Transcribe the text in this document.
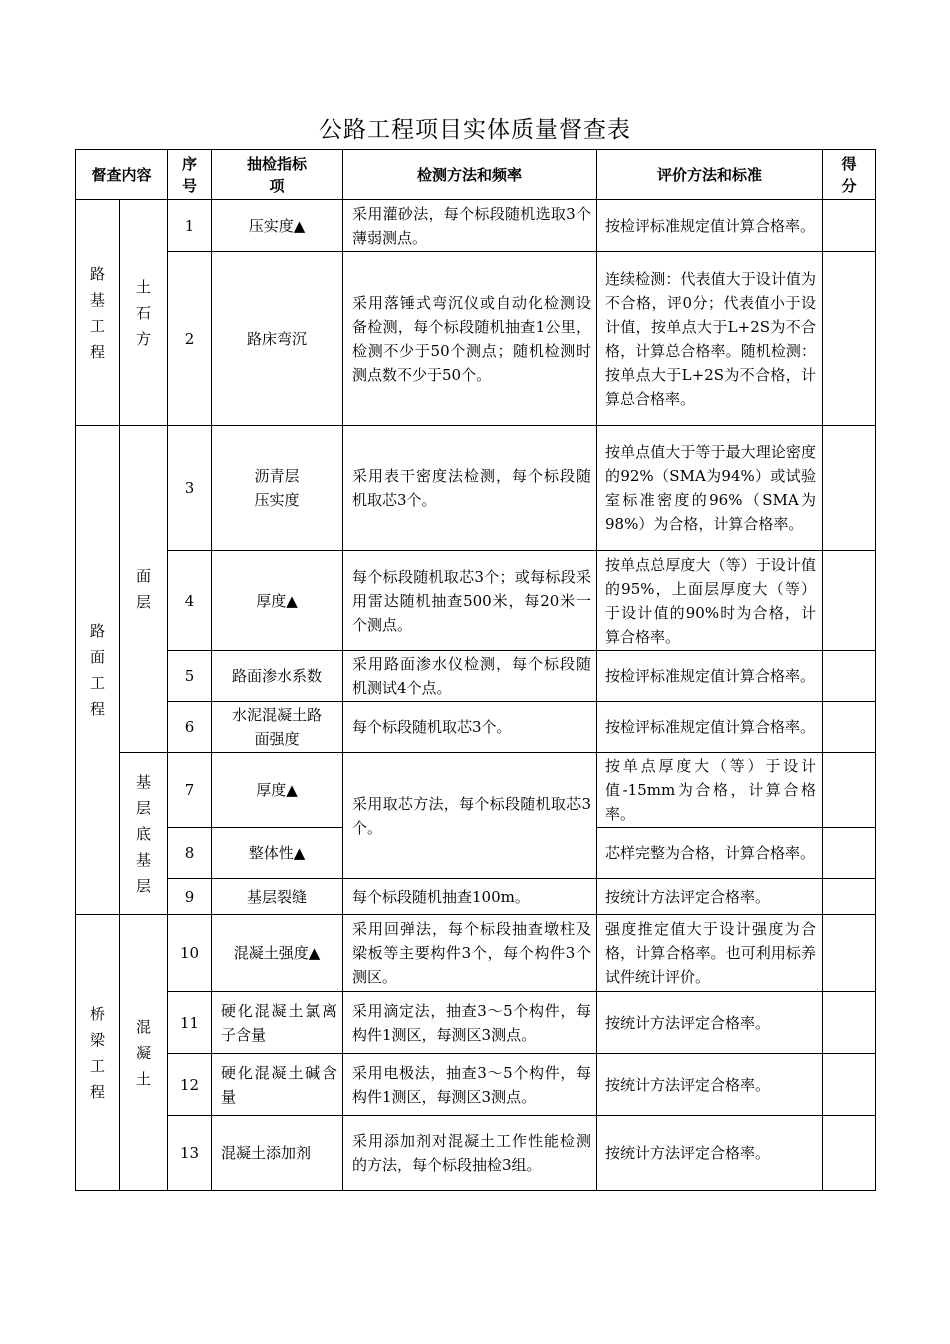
公路工程项目实体质量督查表
督查内容		序号	抽检指标项	检测方法和频率	评价方法和标准	得分

路基工程	土石方	1	压实度▲	采用灌砂法，每个标段随机选取3个薄弱测点。	按检评标准规定值计算合格率。	
		2	路床弯沉	采用落锤式弯沉仪或自动化检测设备检测，每个标段随机抽查1公里，检测不少于50个测点；随机检测时测点数不少于50个。	连续检测：代表值大于设计值为不合格，评0分；代表值小于设计值，按单点大于L+2S为不合格，计算总合格率。随机检测：按单点大于L+2S为不合格，计算总合格率。	

路面工程	面层	3	沥青层压实度	采用表干密度法检测，每个标段随机取芯3个。	按单点值大于等于最大理论密度的92%（SMA为94%）或试验室标准密度的96%（SMA为98%）为合格，计算合格率。	
		4	厚度▲	每个标段随机取芯3个；或每标段采用雷达随机抽查500米，每20米一个测点。	按单点总厚度大（等）于设计值的95%，上面层厚度大（等）于设计值的90%时为合格，计算合格率。	
		5	路面渗水系数	采用路面渗水仪检测，每个标段随机测试4个点。	按检评标准规定值计算合格率。	
		6	水泥混凝土路面强度	每个标段随机取芯3个。	按检评标准规定值计算合格率。	

	基层底基层	7	厚度▲	采用取芯方法，每个标段随机取芯3个。	按单点厚度大（等）于设计值-15mm为合格，计算合格率。	
		8	整体性▲		芯样完整为合格，计算合格率。	
		9	基层裂缝	每个标段随机抽查100m。	按统计方法评定合格率。	

桥梁工程	混凝土	10	混凝土强度▲	采用回弹法，每个标段抽查墩柱及梁板等主要构件3个，每个构件3个测区。	强度推定值大于设计强度为合格，计算合格率。也可利用标养试件统计评价。	
		11	硬化混凝土氯离子含量	采用滴定法，抽查3～5个构件，每构件1测区，每测区3测点。	按统计方法评定合格率。	
		12	硬化混凝土碱含量	采用电极法，抽查3～5个构件，每构件1测区，每测区3测点。	按统计方法评定合格率。	
		13	混凝土添加剂	采用添加剂对混凝土工作性能检测的方法，每个标段抽检3组。	按统计方法评定合格率。	
